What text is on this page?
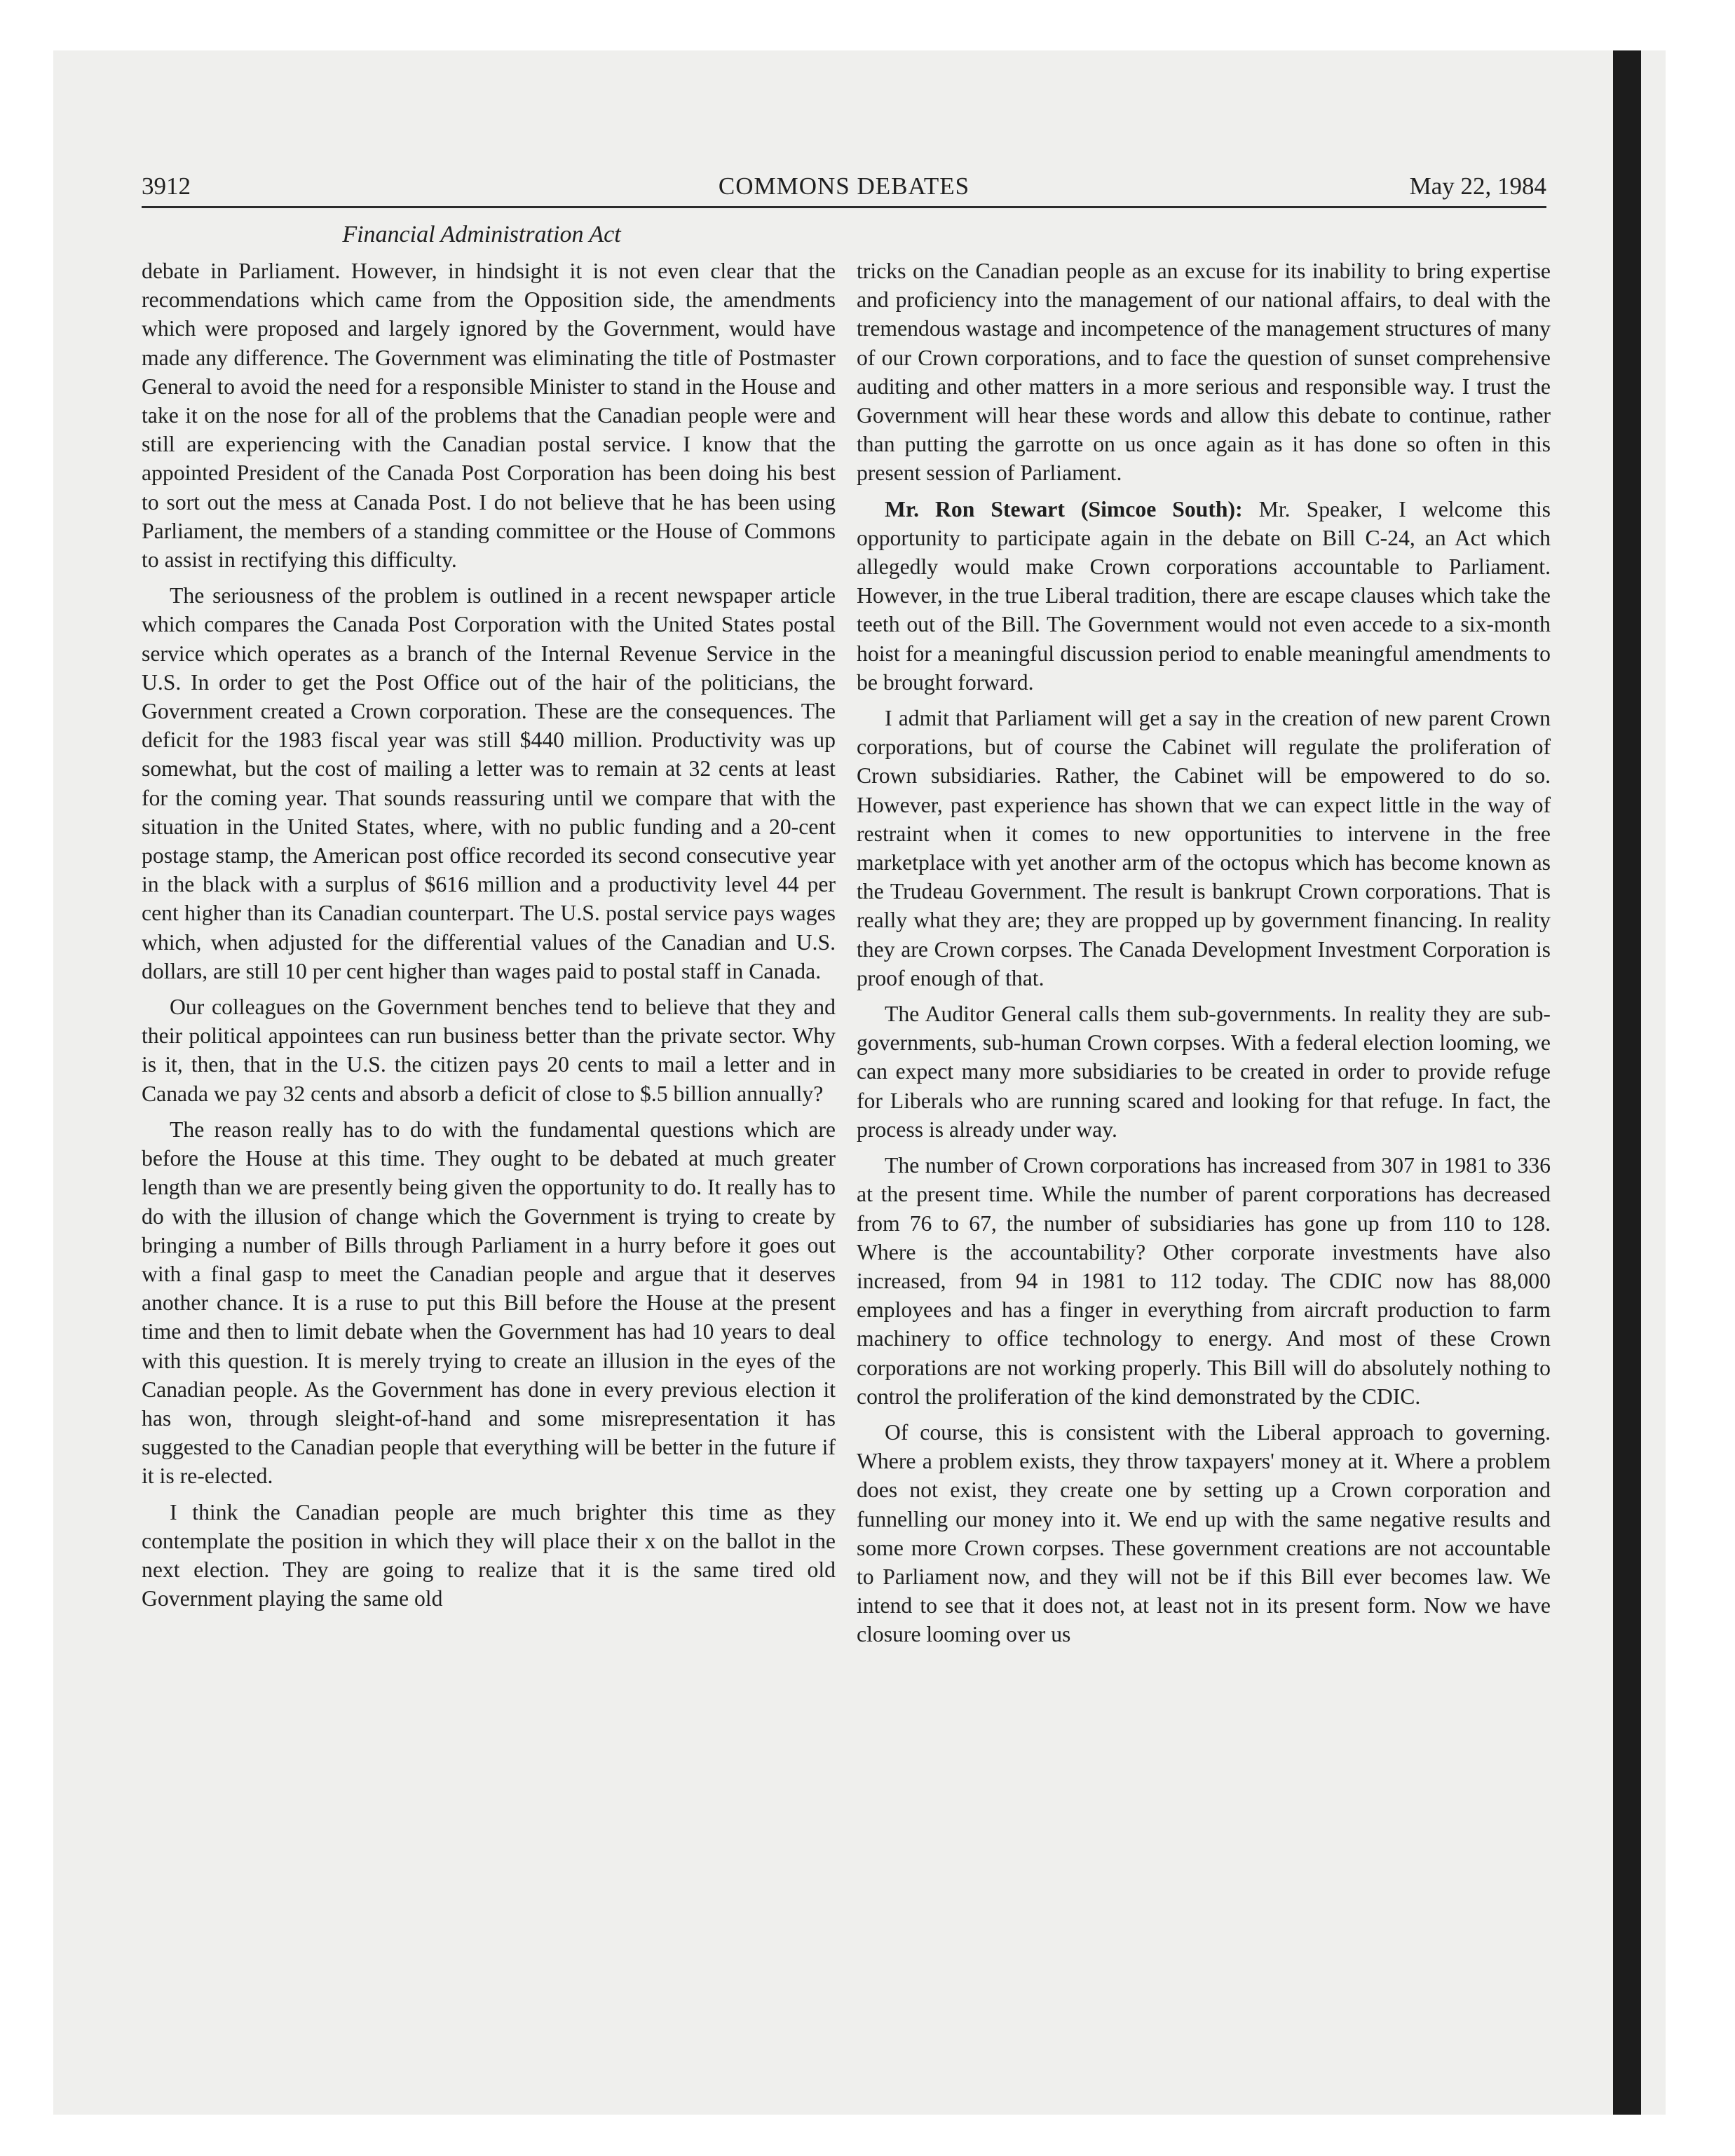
3912	COMMONS DEBATES	May 22, 1984
Financial Administration Act

debate in Parliament. However, in hindsight it is not even clear that the recommendations which came from the Opposition side, the amendments which were proposed and largely ignored by the Government, would have made any difference. The Government was eliminating the title of Postmaster General to avoid the need for a responsible Minister to stand in the House and take it on the nose for all of the problems that the Canadian people were and still are experiencing with the Canadian postal service. I know that the appointed President of the Canada Post Corporation has been doing his best to sort out the mess at Canada Post. I do not believe that he has been using Parliament, the members of a standing committee or the House of Commons to assist in rectifying this difficulty.

The seriousness of the problem is outlined in a recent newspaper article which compares the Canada Post Corporation with the United States postal service which operates as a branch of the Internal Revenue Service in the U.S. In order to get the Post Office out of the hair of the politicians, the Government created a Crown corporation. These are the consequences. The deficit for the 1983 fiscal year was still $440 million. Productivity was up somewhat, but the cost of mailing a letter was to remain at 32 cents at least for the coming year. That sounds reassuring until we compare that with the situation in the United States, where, with no public funding and a 20-cent postage stamp, the American post office recorded its second consecutive year in the black with a surplus of $616 million and a productivity level 44 per cent higher than its Canadian counterpart. The U.S. postal service pays wages which, when adjusted for the differential values of the Canadian and U.S. dollars, are still 10 per cent higher than wages paid to postal staff in Canada.

Our colleagues on the Government benches tend to believe that they and their political appointees can run business better than the private sector. Why is it, then, that in the U.S. the citizen pays 20 cents to mail a letter and in Canada we pay 32 cents and absorb a deficit of close to $.5 billion annually?

The reason really has to do with the fundamental questions which are before the House at this time. They ought to be debated at much greater length than we are presently being given the opportunity to do. It really has to do with the illusion of change which the Government is trying to create by bringing a number of Bills through Parliament in a hurry before it goes out with a final gasp to meet the Canadian people and argue that it deserves another chance. It is a ruse to put this Bill before the House at the present time and then to limit debate when the Government has had 10 years to deal with this question. It is merely trying to create an illusion in the eyes of the Canadian people. As the Government has done in every previous election it has won, through sleight-of-hand and some misrepresentation it has suggested to the Canadian people that everything will be better in the future if it is re-elected.

I think the Canadian people are much brighter this time as they contemplate the position in which they will place their x on the ballot in the next election. They are going to realize that it is the same tired old Government playing the same old

tricks on the Canadian people as an excuse for its inability to bring expertise and proficiency into the management of our national affairs, to deal with the tremendous wastage and incompetence of the management structures of many of our Crown corporations, and to face the question of sunset comprehensive auditing and other matters in a more serious and responsible way. I trust the Government will hear these words and allow this debate to continue, rather than putting the garrotte on us once again as it has done so often in this present session of Parliament.

Mr. Ron Stewart (Simcoe South): Mr. Speaker, I welcome this opportunity to participate again in the debate on Bill C-24, an Act which allegedly would make Crown corporations accountable to Parliament. However, in the true Liberal tradition, there are escape clauses which take the teeth out of the Bill. The Government would not even accede to a six-month hoist for a meaningful discussion period to enable meaningful amendments to be brought forward.

I admit that Parliament will get a say in the creation of new parent Crown corporations, but of course the Cabinet will regulate the proliferation of Crown subsidiaries. Rather, the Cabinet will be empowered to do so. However, past experience has shown that we can expect little in the way of restraint when it comes to new opportunities to intervene in the free marketplace with yet another arm of the octopus which has become known as the Trudeau Government. The result is bankrupt Crown corporations. That is really what they are; they are propped up by government financing. In reality they are Crown corpses. The Canada Development Investment Corporation is proof enough of that.

The Auditor General calls them sub-governments. In reality they are sub-governments, sub-human Crown corpses. With a federal election looming, we can expect many more subsidiaries to be created in order to provide refuge for Liberals who are running scared and looking for that refuge. In fact, the process is already under way.

The number of Crown corporations has increased from 307 in 1981 to 336 at the present time. While the number of parent corporations has decreased from 76 to 67, the number of subsidiaries has gone up from 110 to 128. Where is the accountability? Other corporate investments have also increased, from 94 in 1981 to 112 today. The CDIC now has 88,000 employees and has a finger in everything from aircraft production to farm machinery to office technology to energy. And most of these Crown corporations are not working properly. This Bill will do absolutely nothing to control the proliferation of the kind demonstrated by the CDIC.

Of course, this is consistent with the Liberal approach to governing. Where a problem exists, they throw taxpayers' money at it. Where a problem does not exist, they create one by setting up a Crown corporation and funnelling our money into it. We end up with the same negative results and some more Crown corpses. These government creations are not accountable to Parliament now, and they will not be if this Bill ever becomes law. We intend to see that it does not, at least not in its present form. Now we have closure looming over us
